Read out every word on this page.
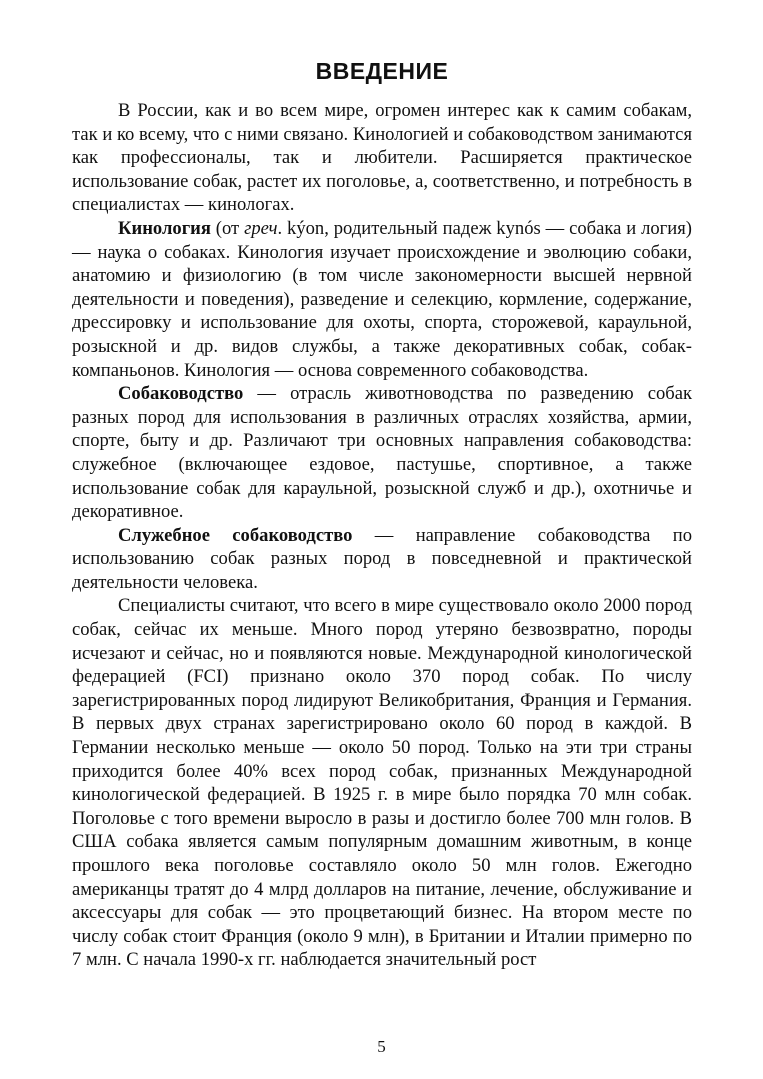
ВВЕДЕНИЕ

В России, как и во всем мире, огромен интерес как к самим собакам, так и ко всему, что с ними связано. Кинологией и собаководством занимаются как профессионалы, так и любители. Расширяется практическое использование собак, растет их поголовье, а, соответственно, и потребность в специалистах — кинологах.

Кинология (от греч. kýon, родительный падеж kynós — собака и логия) — наука о собаках. Кинология изучает происхождение и эволюцию собаки, анатомию и физиологию (в том числе закономерности высшей нервной деятельности и поведения), разведение и селекцию, кормление, содержание, дрессировку и использование для охоты, спорта, сторожевой, караульной, розыскной и др. видов службы, а также декоративных собак, собак-компаньонов. Кинология — основа современного собаководства.

Собаководство — отрасль животноводства по разведению собак разных пород для использования в различных отраслях хозяйства, армии, спорте, быту и др. Различают три основных направления собаководства: служебное (включающее ездовое, пастушье, спортивное, а также использование собак для караульной, розыскной служб и др.), охотничье и декоративное.

Служебное собаководство — направление собаководства по использованию собак разных пород в повседневной и практической деятельности человека.

Специалисты считают, что всего в мире существовало около 2000 пород собак, сейчас их меньше. Много пород утеряно безвозвратно, породы исчезают и сейчас, но и появляются новые. Международной кинологической федерацией (FCI) признано около 370 пород собак. По числу зарегистрированных пород лидируют Великобритания, Франция и Германия. В первых двух странах зарегистрировано около 60 пород в каждой. В Германии несколько меньше — около 50 пород. Только на эти три страны приходится более 40% всех пород собак, признанных Международной кинологической федерацией. В 1925 г. в мире было порядка 70 млн собак. Поголовье с того времени выросло в разы и достигло более 700 млн голов. В США собака является самым популярным домашним животным, в конце прошлого века поголовье составляло около 50 млн голов. Ежегодно американцы тратят до 4 млрд долларов на питание, лечение, обслуживание и аксессуары для собак — это процветающий бизнес. На втором месте по числу собак стоит Франция (около 9 млн), в Британии и Италии примерно по 7 млн. С начала 1990-х гг. наблюдается значительный рост

5
